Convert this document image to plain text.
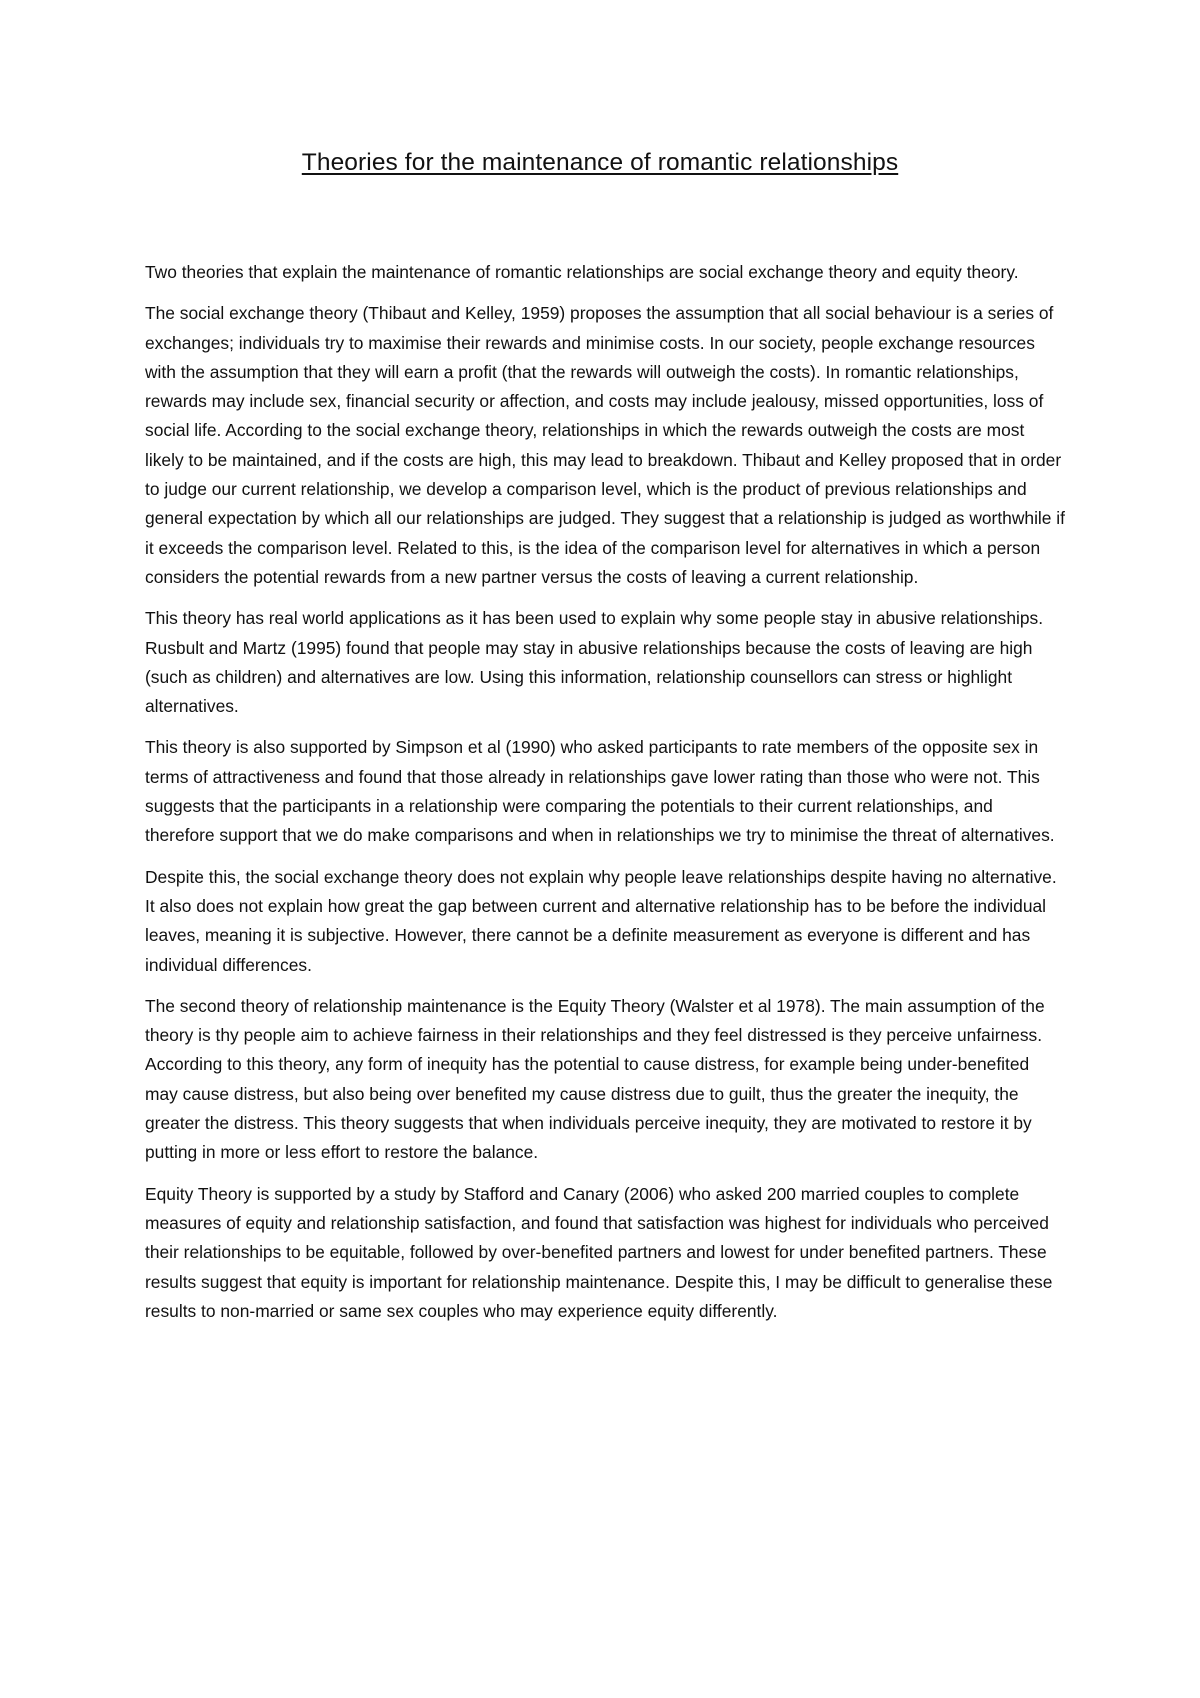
Theories for the maintenance of romantic relationships

Two theories that explain the maintenance of romantic relationships are social exchange theory and equity theory.

The social exchange theory (Thibaut and Kelley, 1959) proposes the assumption that all social behaviour is a series of exchanges; individuals try to maximise their rewards and minimise costs. In our society, people exchange resources with the assumption that they will earn a profit (that the rewards will outweigh the costs). In romantic relationships, rewards may include sex, financial security or affection, and costs may include jealousy, missed opportunities, loss of social life. According to the social exchange theory, relationships in which the rewards outweigh the costs are most likely to be maintained, and if the costs are high, this may lead to breakdown. Thibaut and Kelley proposed that in order to judge our current relationship, we develop a comparison level, which is the product of previous relationships and general expectation by which all our relationships are judged. They suggest that a relationship is judged as worthwhile if it exceeds the comparison level. Related to this, is the idea of the comparison level for alternatives in which a person considers the potential rewards from a new partner versus the costs of leaving a current relationship.

This theory has real world applications as it has been used to explain why some people stay in abusive relationships. Rusbult and Martz (1995) found that people may stay in abusive relationships because the costs of leaving are high (such as children) and alternatives are low. Using this information, relationship counsellors can stress or highlight alternatives.

This theory is also supported by Simpson et al (1990) who asked participants to rate members of the opposite sex in terms of attractiveness and found that those already in relationships gave lower rating than those who were not. This suggests that the participants in a relationship were comparing the potentials to their current relationships, and therefore support that we do make comparisons and when in relationships we try to minimise the threat of alternatives.

Despite this, the social exchange theory does not explain why people leave relationships despite having no alternative. It also does not explain how great the gap between current and alternative relationship has to be before the individual leaves, meaning it is subjective. However, there cannot be a definite measurement as everyone is different and has individual differences.

The second theory of relationship maintenance is the Equity Theory (Walster et al 1978). The main assumption of the theory is thy people aim to achieve fairness in their relationships and they feel distressed is they perceive unfairness. According to this theory, any form of inequity has the potential to cause distress, for example being under-benefited may cause distress, but also being over benefited my cause distress due to guilt, thus the greater the inequity, the greater the distress. This theory suggests that when individuals perceive inequity, they are motivated to restore it by putting in more or less effort to restore the balance.

Equity Theory is supported by a study by Stafford and Canary (2006) who asked 200 married couples to complete measures of equity and relationship satisfaction, and found that satisfaction was highest for individuals who perceived their relationships to be equitable, followed by over-benefited partners and lowest for under benefited partners. These results suggest that equity is important for relationship maintenance. Despite this, I may be difficult to generalise these results to non-married or same sex couples who may experience equity differently.
